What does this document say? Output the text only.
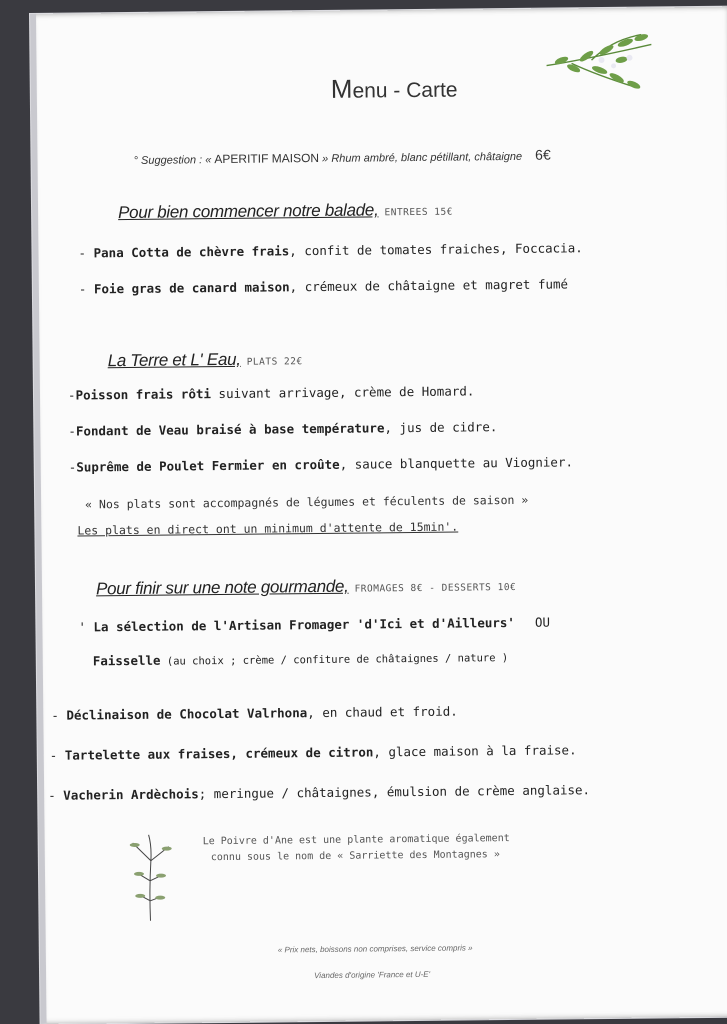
Menu - Carte
° Suggestion : « APERITIF MAISON » Rhum ambré, blanc pétillant, châtaigne 6€
Pour bien commencer notre balade, ENTREES 15€
- Pana Cotta de chèvre frais, confit de tomates fraiches, Foccacia.
- Foie gras de canard maison, crémeux de châtaigne et magret fumé
La Terre et L' Eau, PLATS 22€
-Poisson frais rôti suivant arrivage, crème de Homard.
-Fondant de Veau braisé à base température, jus de cidre.
-Suprême de Poulet Fermier en croûte, sauce blanquette au Viognier.
« Nos plats sont accompagnés de légumes et féculents de saison »
Les plats en direct ont un minimum d'attente de 15min'.
Pour finir sur une note gourmande, FROMAGES 8€ - DESSERTS 10€
' La sélection de l'Artisan Fromager 'd'Ici et d'Ailleurs' OU
Faisselle (au choix ; crème / confiture de châtaignes / nature )
- Déclinaison de Chocolat Valrhona, en chaud et froid.
- Tartelette aux fraises, crémeux de citron, glace maison à la fraise.
- Vacherin Ardèchois; meringue / châtaignes, émulsion de crème anglaise.
Le Poivre d'Ane est une plante aromatique également
connu sous le nom de « Sarriette des Montagnes »
« Prix nets, boissons non comprises, service compris »
Viandes d'origine 'France et U-E'
